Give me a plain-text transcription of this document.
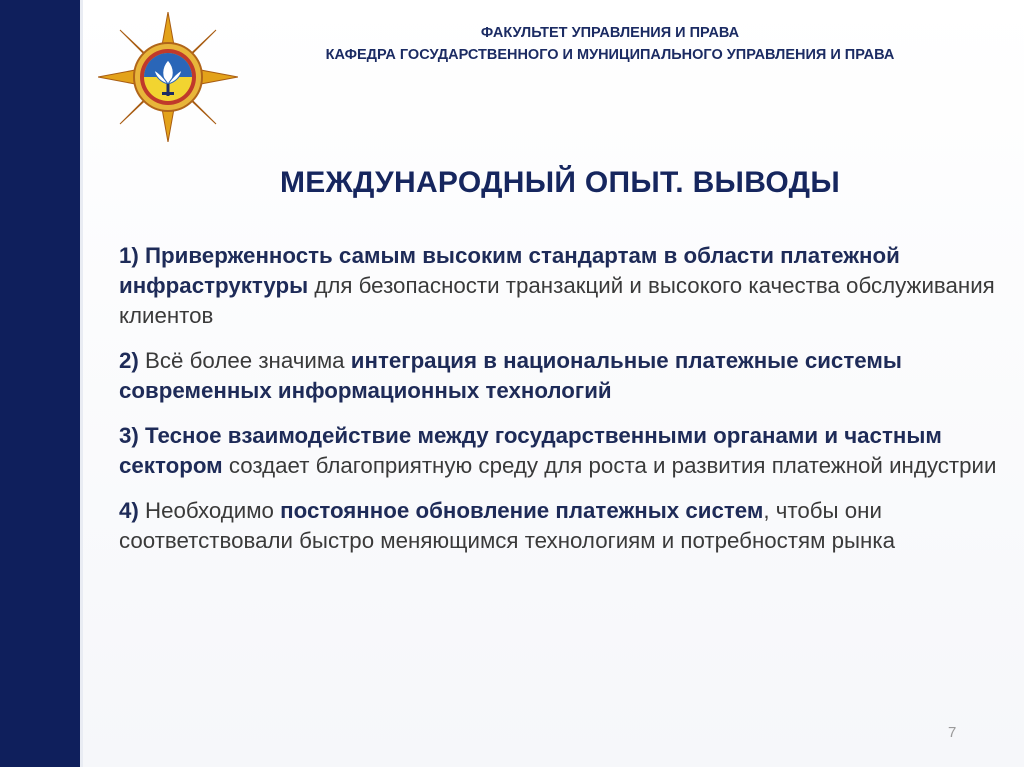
ФАКУЛЬТЕТ УПРАВЛЕНИЯ И ПРАВА
КАФЕДРА ГОСУДАРСТВЕННОГО И МУНИЦИПАЛЬНОГО УПРАВЛЕНИЯ И ПРАВА
МЕЖДУНАРОДНЫЙ ОПЫТ. ВЫВОДЫ

1) Приверженность самым высоким стандартам в области платежной инфраструктуры для безопасности транзакций и высокого качества обслуживания клиентов

2) Всё более значима интеграция в национальные платежные системы современных информационных технологий

3) Тесное взаимодействие между государственными органами и частным сектором создает благоприятную среду для роста и развития платежной индустрии

4) Необходимо постоянное обновление платежных систем, чтобы они соответствовали быстро меняющимся технологиям и потребностям рынка

7
